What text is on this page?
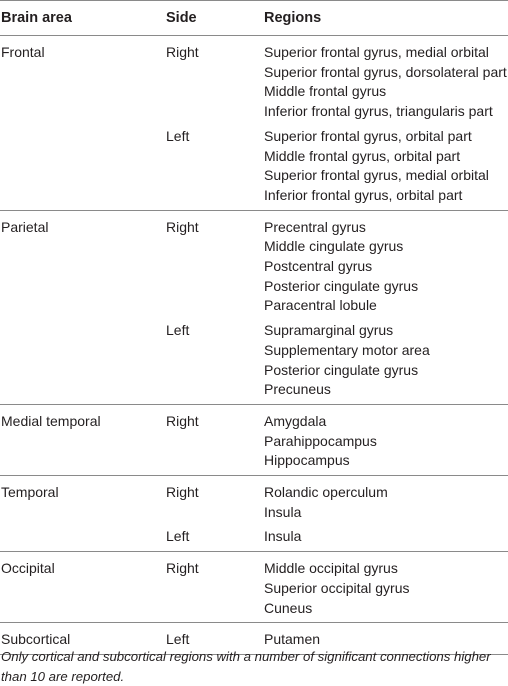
Brain area	Side	Regions
Frontal	Right	Superior frontal gyrus, medial orbital
Superior frontal gyrus, dorsolateral part
Middle frontal gyrus
Inferior frontal gyrus, triangularis part

	Left	Superior frontal gyrus, orbital part
Middle frontal gyrus, orbital part
Superior frontal gyrus, medial orbital
Inferior frontal gyrus, orbital part

Parietal	Right	Precentral gyrus
Middle cingulate gyrus
Postcentral gyrus
Posterior cingulate gyrus
Paracentral lobule

	Left	Supramarginal gyrus
Supplementary motor area
Posterior cingulate gyrus
Precuneus

Medial temporal	Right	Amygdala
Parahippocampus
Hippocampus

Temporal	Right	Rolandic operculum
Insula

	Left	Insula

Occipital	Right	Middle occipital gyrus
Superior occipital gyrus
Cuneus

Subcortical	Left	Putamen
Only cortical and subcortical regions with a number of significant connections higher than 10 are reported.
